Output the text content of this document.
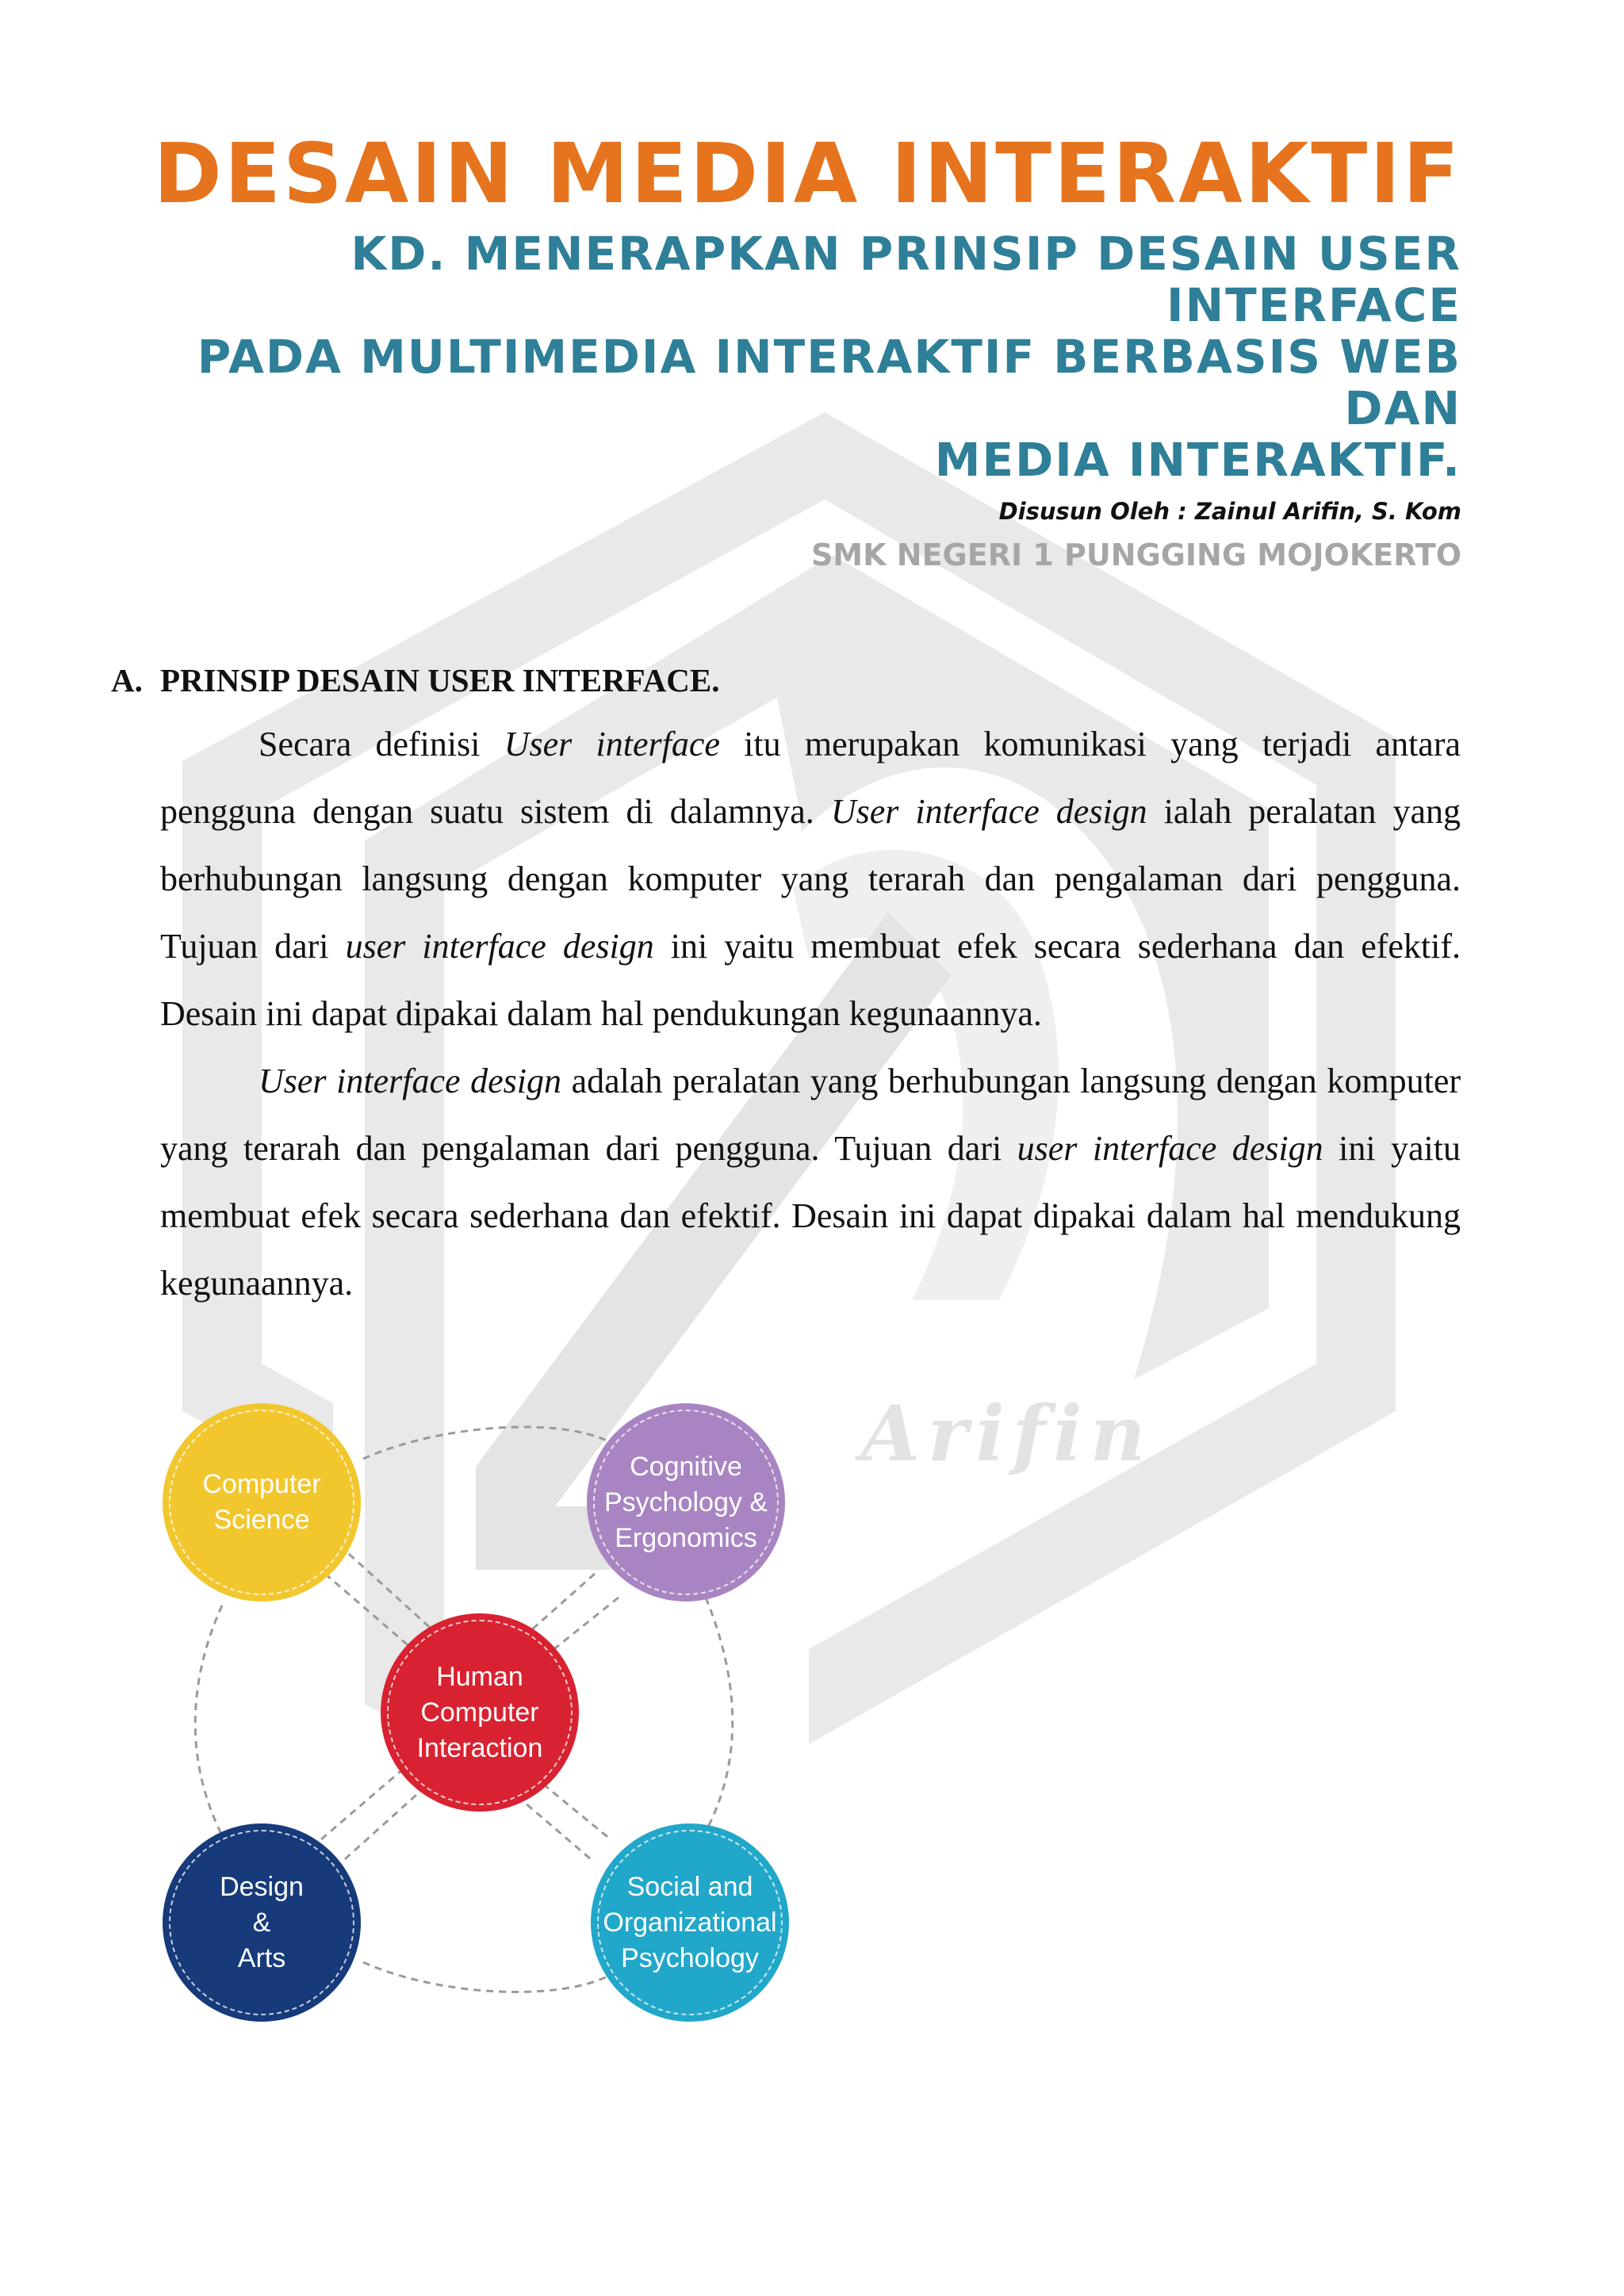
Arifin
DESAIN MEDIA INTERAKTIF
KD. MENERAPKAN PRINSIP DESAIN USER INTERFACE
PADA MULTIMEDIA INTERAKTIF BERBASIS WEB DAN
MEDIA INTERAKTIF.
Disusun Oleh : Zainul Arifin, S. Kom
SMK NEGERI 1 PUNGGING MOJOKERTO
A. PRINSIP DESAIN USER INTERFACE.

Secara definisi User interface itu merupakan komunikasi yang terjadi antara pengguna dengan suatu sistem di dalamnya. User interface design ialah peralatan yang berhubungan langsung dengan komputer yang terarah dan pengalaman dari pengguna. Tujuan dari user interface design ini yaitu membuat efek secara sederhana dan efektif. Desain ini dapat dipakai dalam hal pendukungan kegunaannya.

User interface design adalah peralatan yang berhubungan langsung dengan komputer yang terarah dan pengalaman dari pengguna. Tujuan dari user interface design ini yaitu membuat efek secara sederhana dan efektif. Desain ini dapat dipakai dalam hal mendukung kegunaannya.

Computer
Science
Cognitive
Psychology &
Ergonomics
Human
Computer
Interaction
Design
&
Arts
Social and
Organizational
Psychology
